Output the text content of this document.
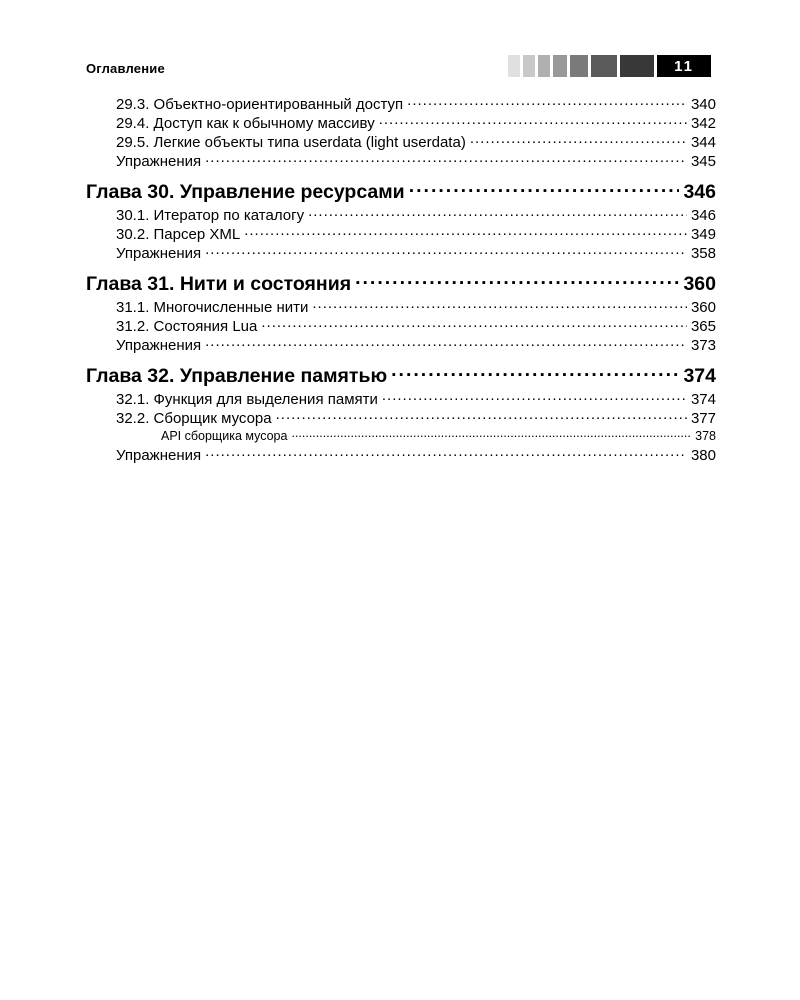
Оглавление	11
29.3. Объектно-ориентированный доступ .....	340
29.4. Доступ как к обычному массиву .....	342
29.5. Легкие объекты типа userdata (light userdata) .....	344
Упражнения .....	345
Глава 30. Управление ресурсами .....	346
30.1. Итератор по каталогу .....	346
30.2. Парсер XML .....	349
Упражнения .....	358
Глава 31. Нити и состояния .....	360
31.1. Многочисленные нити .....	360
31.2. Состояния Lua .....	365
Упражнения .....	373
Глава 32. Управление памятью .....	374
32.1. Функция для выделения памяти .....	374
32.2. Сборщик мусора .....	377
API сборщика мусора .....	378
Упражнения .....	380
